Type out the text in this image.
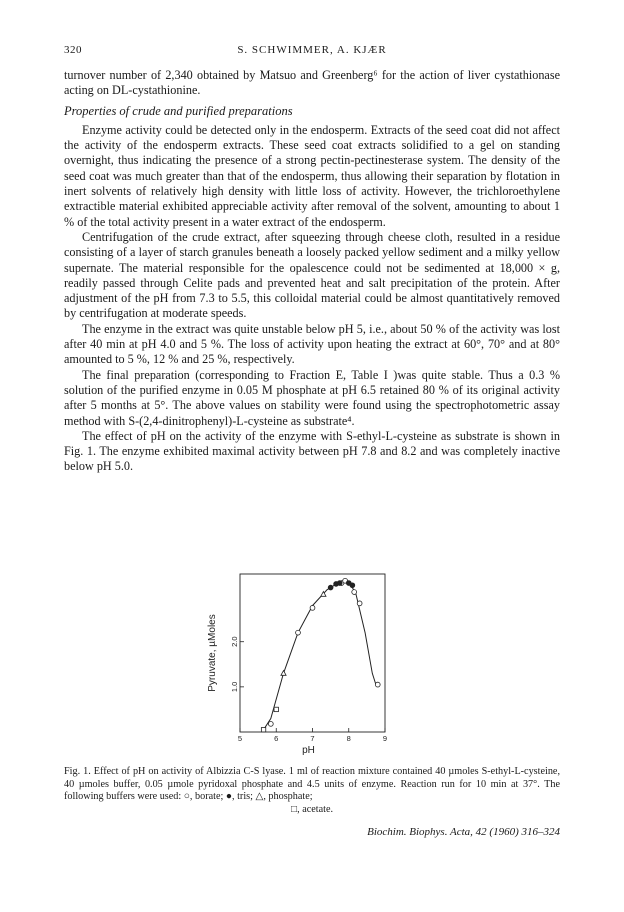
320	S. SCHWIMMER, A. KJÆR

turnover number of 2,340 obtained by Matsuo and Greenberg⁶ for the action of liver cystathionase acting on DL-cystathionine.

Properties of crude and purified preparations

Enzyme activity could be detected only in the endosperm. Extracts of the seed coat did not affect the activity of the endosperm extracts. These seed coat extracts solidified to a gel on standing overnight, thus indicating the presence of a strong pectin-pectinesterase system. The density of the seed coat was much greater than that of the endosperm, thus allowing their separation by flotation in inert solvents of relatively high density with little loss of activity. However, the trichloroethylene extractible material exhibited appreciable activity after removal of the solvent, amounting to about 1 % of the total activity present in a water extract of the endosperm.

Centrifugation of the crude extract, after squeezing through cheese cloth, resulted in a residue consisting of a layer of starch granules beneath a loosely packed yellow sediment and a milky yellow supernate. The material responsible for the opalescence could not be sedimented at 18,000 × g, readily passed through Celite pads and prevented heat and salt precipitation of the protein. After adjustment of the pH from 7.3 to 5.5, this colloidal material could be almost quantitatively removed by centrifugation at moderate speeds.

The enzyme in the extract was quite unstable below pH 5, i.e., about 50 % of the activity was lost after 40 min at pH 4.0 and 5 %. The loss of activity upon heating the extract at 60°, 70° and at 80° amounted to 5 %, 12 % and 25 %, respectively.

The final preparation (corresponding to Fraction E, Table I )was quite stable. Thus a 0.3 % solution of the purified enzyme in 0.05 M phosphate at pH 6.5 retained 80 % of its original activity after 5 months at 5°. The above values on stability were found using the spectrophotometric assay method with S-(2,4-dinitrophenyl)-L-cysteine as substrate⁴.

The effect of pH on the activity of the enzyme with S-ethyl-L-cysteine as substrate is shown in Fig. 1. The enzyme exhibited maximal activity between pH 7.8 and 8.2 and was completely inactive below pH 5.0.

5	6	7	8	9
1.0
2.0
pH
Pyruvate, µMoles
Fig. 1. Effect of pH on activity of Albizzia C-S lyase. 1 ml of reaction mixture contained 40 µmoles S-ethyl-L-cysteine, 40 µmoles buffer, 0.05 µmole pyridoxal phosphate and 4.5 units of enzyme. Reaction run for 10 min at 37°. The following buffers were used: ○, borate; ●, tris; △, phosphate;
□, acetate.
Biochim. Biophys. Acta, 42 (1960) 316–324
